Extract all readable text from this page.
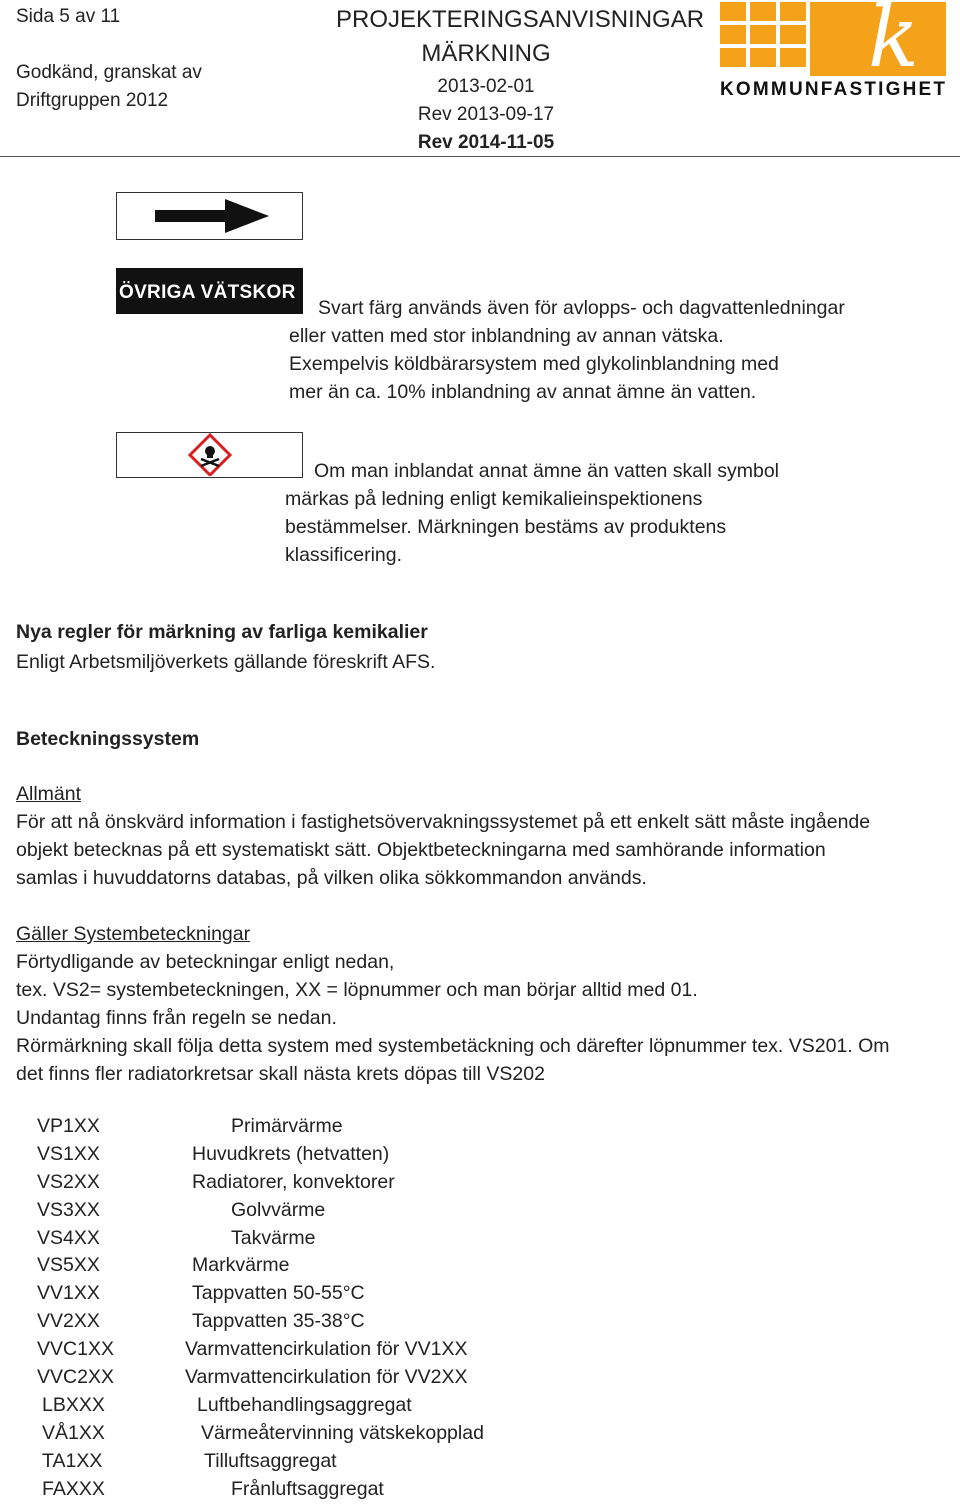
Sida 5 av 11
Godkänd, granskat av
Driftgruppen 2012
PROJEKTERINGSANVISNINGAR
MÄRKNING
2013-02-01
Rev 2013-09-17
Rev 2014-11-05
k
KOMMUNFASTIGHET
ÖVRIGA VÄTSKOR
Svart färg används även för avlopps- och dagvattenledningar
eller vatten med stor inblandning av annan vätska.
Exempelvis köldbärarsystem med glykolinblandning med
mer än ca. 10% inblandning av annat ämne än vatten.
Om man inblandat annat ämne än vatten skall symbol
märkas på ledning enligt kemikalieinspektionens
bestämmelser. Märkningen bestäms av produktens
klassificering.
Nya regler för märkning av farliga kemikalier
Enligt Arbetsmiljöverkets gällande föreskrift AFS.
Beteckningssystem
Allmänt
För att nå önskvärd information i fastighetsövervakningssystemet på ett enkelt sätt måste ingående
objekt betecknas på ett systematiskt sätt. Objektbeteckningarna med samhörande information
samlas i huvuddatorns databas, på vilken olika sökkommandon används.
Gäller Systembeteckningar
Förtydligande av beteckningar enligt nedan,
tex. VS2= systembeteckningen, XX = löpnummer och man börjar alltid med 01.
Undantag finns från regeln se nedan.
Rörmärkning skall följa detta system med systembetäckning och därefter löpnummer tex. VS201. Om
det finns fler radiatorkretsar skall nästa krets döpas till VS202
VP1XX	Primärvärme
VS1XX	Huvudkrets (hetvatten)
VS2XX	Radiatorer, konvektorer
VS3XX	Golvvärme
VS4XX	Takvärme
VS5XX	Markvärme
VV1XX	Tappvatten 50-55°C
VV2XX	Tappvatten 35-38°C
VVC1XX	Varmvattencirkulation för VV1XX
VVC2XX	Varmvattencirkulation för VV2XX
LBXXX	Luftbehandlingsaggregat
VÅ1XX	Värmeåtervinning vätskekopplad
TA1XX	Tilluftsaggregat
FAXXX	Frånluftsaggregat
